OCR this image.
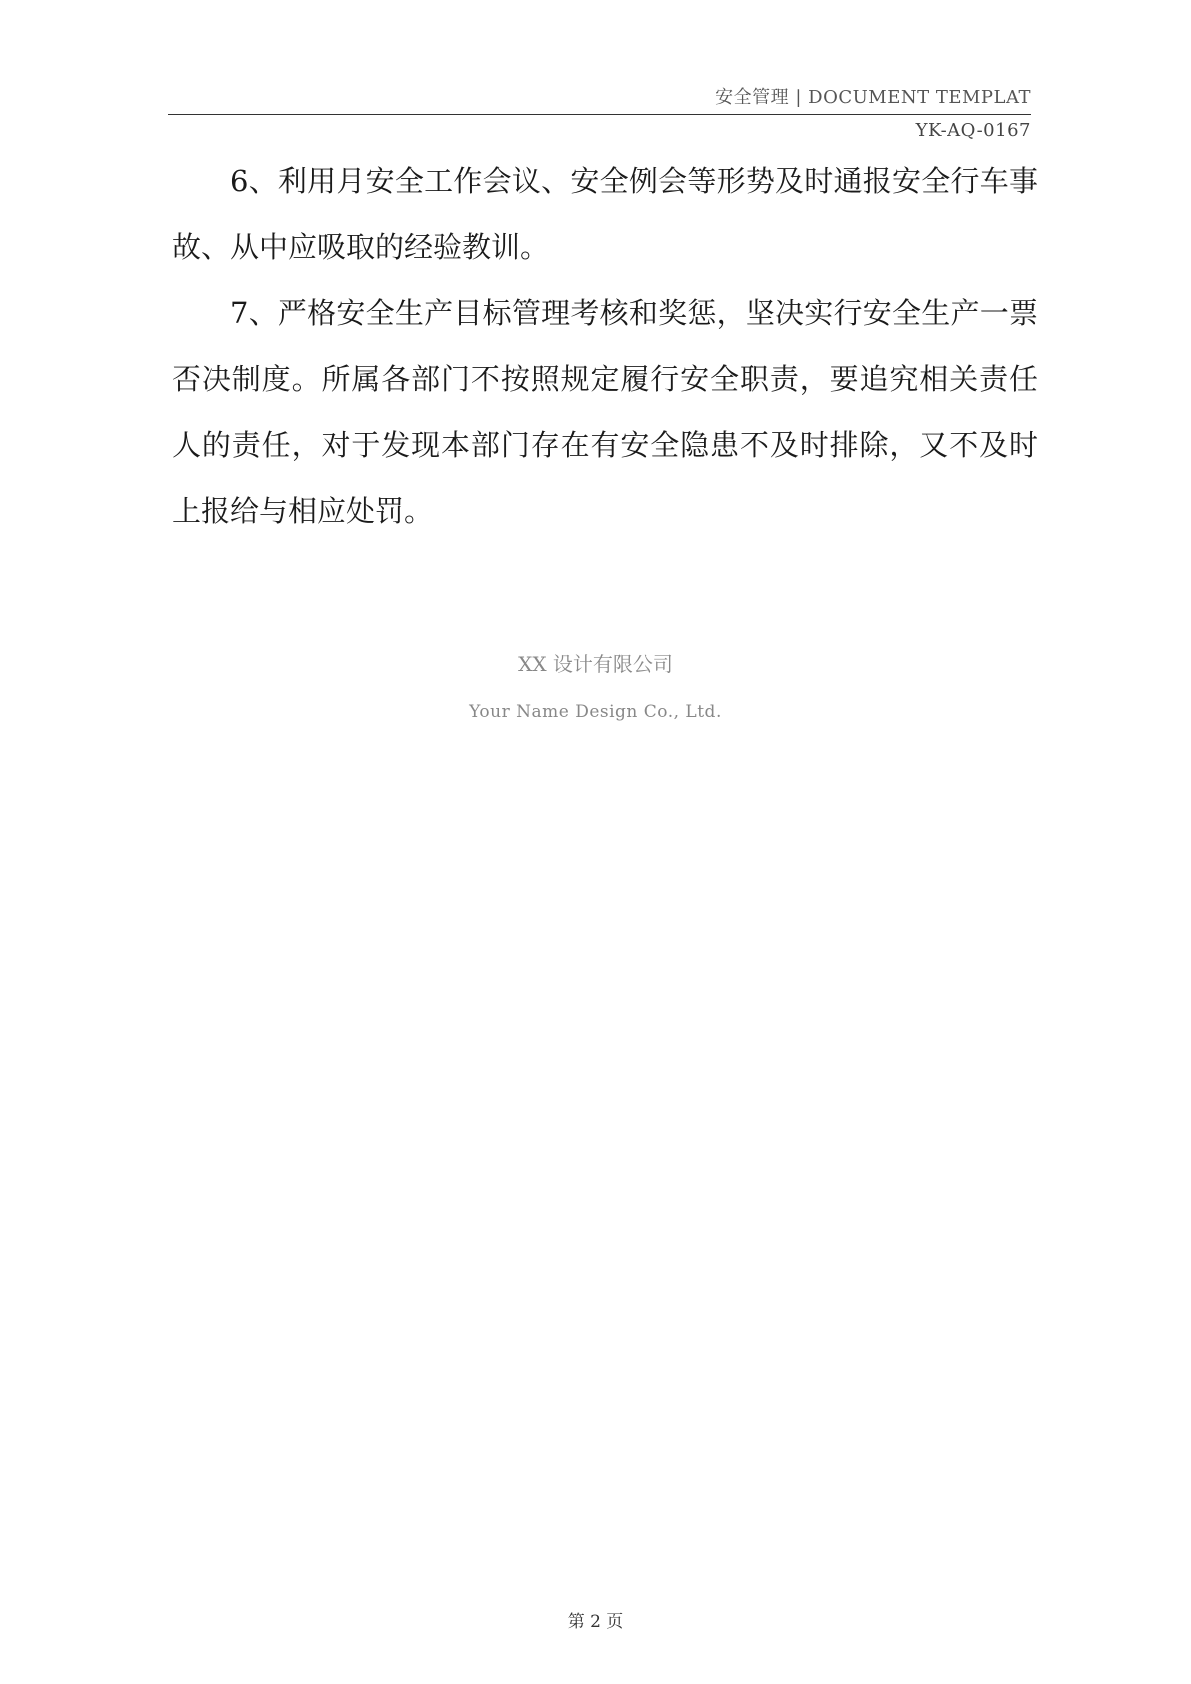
安全管理 | DOCUMENT TEMPLAT
YK-AQ-0167

6、利用月安全工作会议、安全例会等形势及时通报安全行车事故、从中应吸取的经验教训。

7、严格安全生产目标管理考核和奖惩，坚决实行安全生产一票否决制度。所属各部门不按照规定履行安全职责，要追究相关责任人的责任，对于发现本部门存在有安全隐患不及时排除，又不及时上报给与相应处罚。

XX 设计有限公司
Your Name Design Co., Ltd.
第 2 页
